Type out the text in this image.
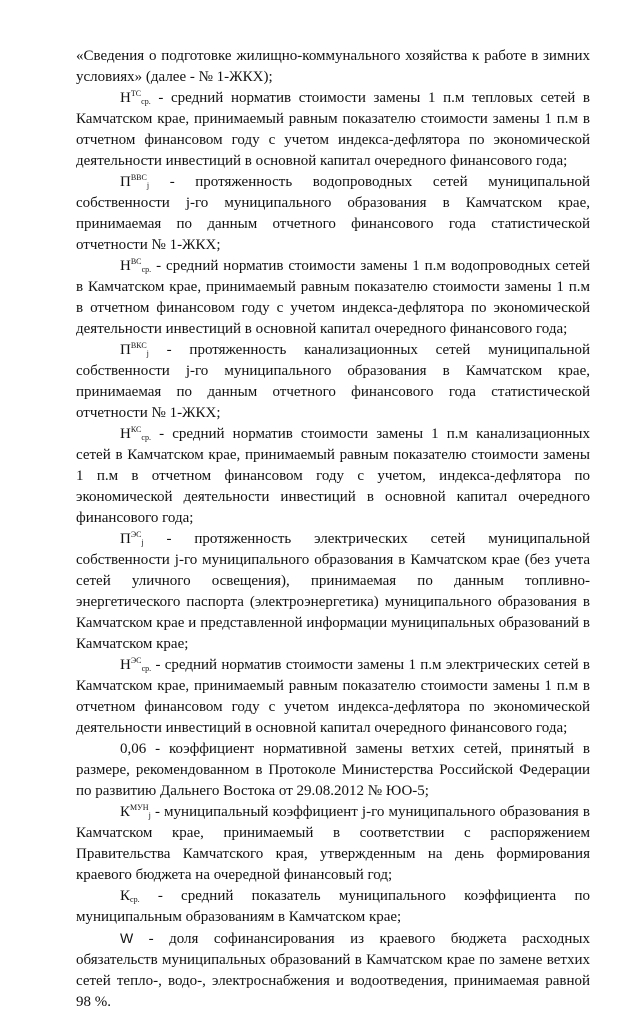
«Сведения о подготовке жилищно-коммунального хозяйства к работе в зимних условиях» (далее - № 1-ЖКХ);

$Н^{ТС}ср$. - средний норматив стоимости замены 1 п.м тепловых сетей в Камчатском крае, принимаемый равным показателю стоимости замены 1 п.м в отчетном финансовом году с учетом индекса-дефлятора по экономической деятельности инвестиций в основной капитал очередного финансового года;

$П^{ВВС}j$ - протяженность водопроводных сетей муниципальной собственности j-го муниципального образования в Камчатском крае, принимаемая по данным отчетного финансового года статистической отчетности № 1-ЖКХ;

$Н^{ВС}ср$. - средний норматив стоимости замены 1 п.м водопроводных сетей в Камчатском крае, принимаемый равным показателю стоимости замены 1 п.м в отчетном финансовом году с учетом индекса-дефлятора по экономической деятельности инвестиций в основной капитал очередного финансового года;

$П^{ВКС}j$ - протяженность канализационных сетей муниципальной собственности j-го муниципального образования в Камчатском крае, принимаемая по данным отчетного финансового года статистической отчетности № 1-ЖКХ;

$Н^{КС}ср$. - средний норматив стоимости замены 1 п.м канализационных сетей в Камчатском крае, принимаемый равным показателю стоимости замены 1 п.м в отчетном финансовом году с учетом, индекса-дефлятора по экономической деятельности инвестиций в основной капитал очередного финансового года;

$П^{ЭС}j$ - протяженность электрических сетей муниципальной собственности j-го муниципального образования в Камчатском крае (без учета сетей уличного освещения), принимаемая по данным топливно-энергетического паспорта (электроэнергетика) муниципального образования в Камчатском крае и представленной информации муниципальных образований в Камчатском крае;

$Н^{ЭС}ср$. - средний норматив стоимости замены 1 п.м электрических сетей в Камчатском крае, принимаемый равным показателю стоимости замены 1 п.м в отчетном финансовом году с учетом индекса-дефлятора по экономической деятельности инвестиций в основной капитал очередного финансового года;

0,06 - коэффициент нормативной замены ветхих сетей, принятый в размере, рекомендованном в Протоколе Министерства Российской Федерации по развитию Дальнего Востока от 29.08.2012 № ЮО-5;

$К^{МУН}j$ - муниципальный коэффициент j-го муниципального образования в Камчатском крае, принимаемый в соответствии с распоряжением Правительства Камчатского края, утвержденным на день формирования краевого бюджета на очередной финансовый год;

Кср. - средний показатель муниципального коэффициента по муниципальным образованиям в Камчатском крае;

W - доля софинансирования из краевого бюджета расходных обязательств муниципальных образований в Камчатском крае по замене ветхих сетей тепло-, водо-, электроснабжения и водоотведения, принимаемая равной 98 %.
